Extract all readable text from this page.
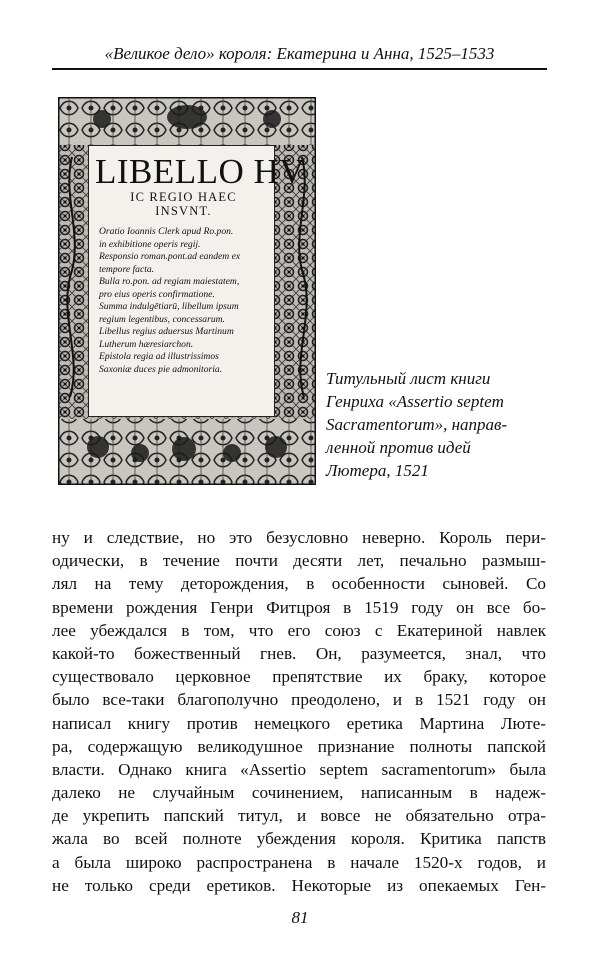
«Великое дело» короля: Екатерина и Анна, 1525–1533
LIBELLO HV
IC REGIO HAEC
INSVNT.
Oratio Ioannis Clerk apud Ro.pon.
in exhibitione operis regij.
Responsio roman.pont.ad eandem ex
tempore facta.
Bulla ro.pon. ad regiam maiestatem,
pro eius operis confirmatione.
Summa indulgētiarū, libellum ipsum
regium legentibus, concessarum.
Libellus regius aduersus Martinum
Lutherum hæresiarchon.
Epistola regia ad illustrissimos
Saxoniæ duces pie admonitoria.	Титульный лист книги
Генриха «Assertio septem
Sacramentorum», направ-
ленной против идей
Лютера, 1521
ну и следствие, но это безусловно неверно. Король пери-
одически, в течение почти десяти лет, печально размыш-
лял на тему деторождения, в особенности сыновей. Со
времени рождения Генри Фитцроя в 1519 году он все бо-
лее убеждался в том, что его союз с Екатериной навлек
какой-то божественный гнев. Он, разумеется, знал, что
существовало церковное препятствие их браку, которое
было все-таки благополучно преодолено, и в 1521 году он
написал книгу против немецкого еретика Мартина Люте-
ра, содержащую великодушное признание полноты папской
власти. Однако книга «Assertio septem sacramentorum» была
далеко не случайным сочинением, написанным в надеж-
де укрепить папский титул, и вовсе не обязательно отра-
жала во всей полноте убеждения короля. Критика папств
а была широко распространена в начале 1520-х годов, и
не только среди еретиков. Некоторые из опекаемых Ген-
81
